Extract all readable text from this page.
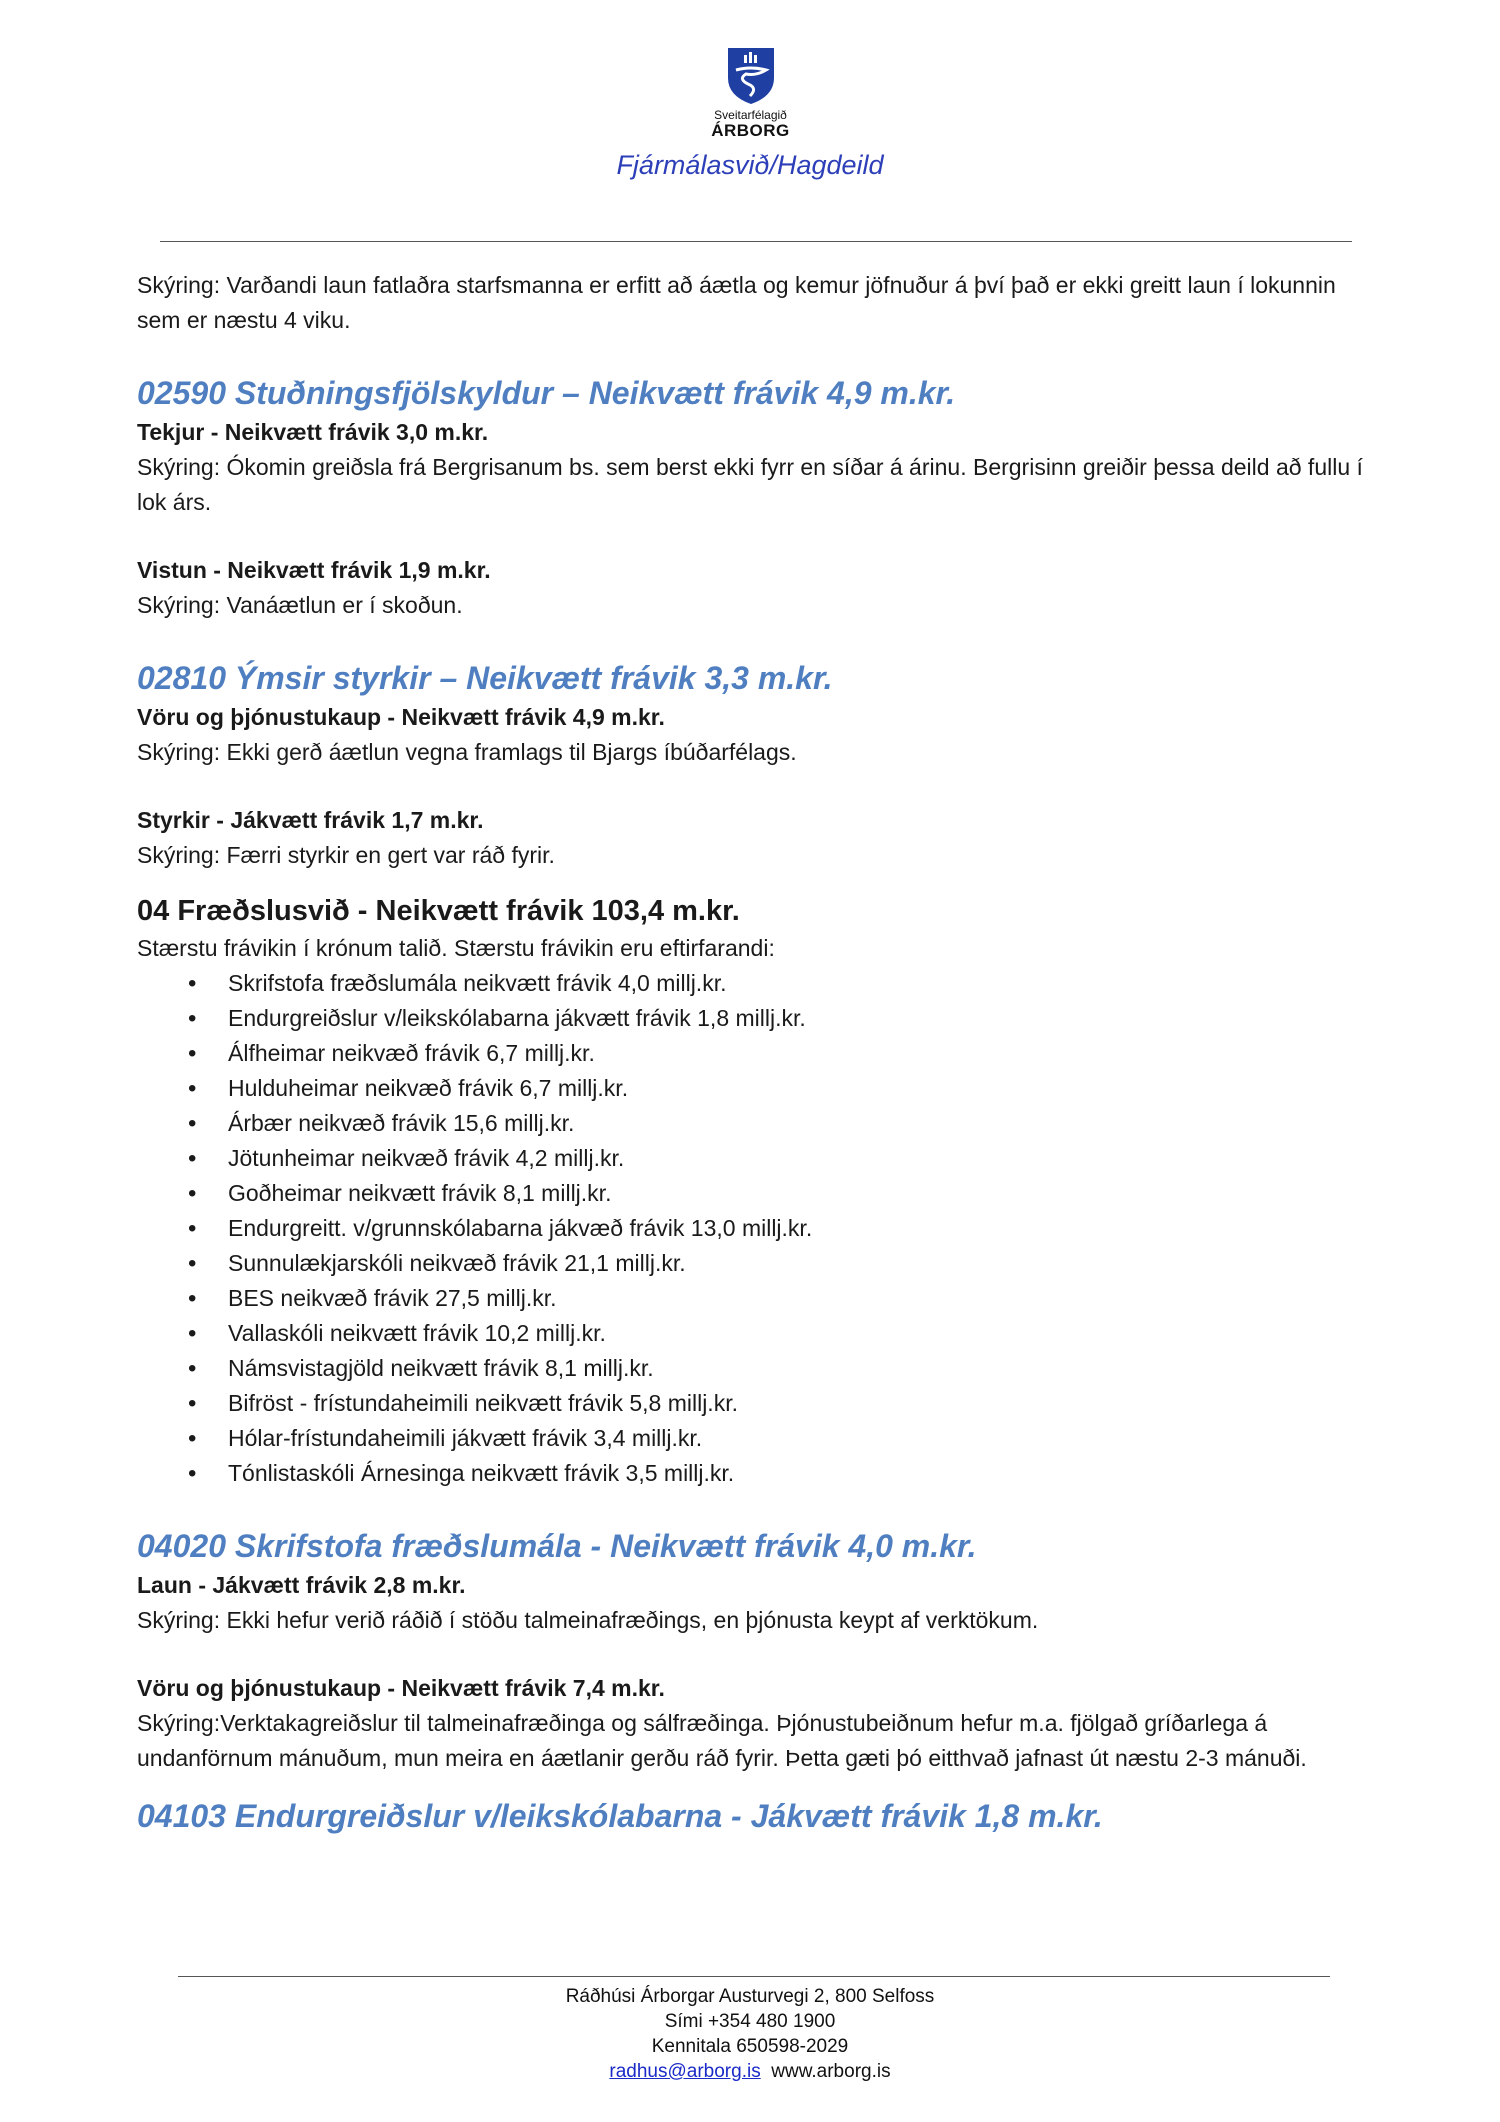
Sveitarfélagið
ÁRBORG
Fjármálasvið/Hagdeild

Skýring: Varðandi laun fatlaðra starfsmanna er erfitt að áætla og kemur jöfnuður á því það er ekki greitt laun í lokunnin sem er næstu 4 viku.

02590 Stuðningsfjölskyldur – Neikvætt frávik 4,9 m.kr.

Tekjur - Neikvætt frávik 3,0 m.kr.

Skýring: Ókomin greiðsla frá Bergrisanum bs. sem berst ekki fyrr en síðar á árinu. Bergrisinn greiðir þessa deild að fullu í lok árs.

Vistun - Neikvætt frávik 1,9 m.kr.

Skýring: Vanáætlun er í skoðun.

02810 Ýmsir styrkir – Neikvætt frávik 3,3 m.kr.

Vöru og þjónustukaup - Neikvætt frávik 4,9 m.kr.

Skýring: Ekki gerð áætlun vegna framlags til Bjargs íbúðarfélags.

Styrkir - Jákvætt frávik 1,7 m.kr.

Skýring: Færri styrkir en gert var ráð fyrir.

04 Fræðslusvið - Neikvætt frávik 103,4 m.kr.

Stærstu frávikin í krónum talið. Stærstu frávikin eru eftirfarandi:

• Skrifstofa fræðslumála neikvætt frávik 4,0 millj.kr.
• Endurgreiðslur v/leikskólabarna jákvætt frávik 1,8 millj.kr.
• Álfheimar neikvæð frávik 6,7 millj.kr.
• Hulduheimar neikvæð frávik 6,7 millj.kr.
• Árbær neikvæð frávik 15,6 millj.kr.
• Jötunheimar neikvæð frávik 4,2 millj.kr.
• Goðheimar neikvætt frávik 8,1 millj.kr.
• Endurgreitt. v/grunnskólabarna jákvæð frávik 13,0 millj.kr.
• Sunnulækjarskóli neikvæð frávik 21,1 millj.kr.
• BES neikvæð frávik 27,5 millj.kr.
• Vallaskóli neikvætt frávik 10,2 millj.kr.
• Námsvistagjöld neikvætt frávik 8,1 millj.kr.
• Bifröst - frístundaheimili neikvætt frávik 5,8 millj.kr.
• Hólar-frístundaheimili jákvætt frávik 3,4 millj.kr.
• Tónlistaskóli Árnesinga neikvætt frávik 3,5 millj.kr.
04020 Skrifstofa fræðslumála - Neikvætt frávik 4,0 m.kr.

Laun - Jákvætt frávik 2,8 m.kr.

Skýring: Ekki hefur verið ráðið í stöðu talmeinafræðings, en þjónusta keypt af verktökum.

Vöru og þjónustukaup - Neikvætt frávik 7,4 m.kr.

Skýring:Verktakagreiðslur til talmeinafræðinga og sálfræðinga. Þjónustubeiðnum hefur m.a. fjölgað gríðarlega á undanförnum mánuðum, mun meira en áætlanir gerðu ráð fyrir. Þetta gæti þó eitthvað jafnast út næstu 2-3 mánuði.

04103 Endurgreiðslur v/leikskólabarna - Jákvætt frávik 1,8 m.kr.
Ráðhúsi Árborgar Austurvegi 2, 800 Selfoss
Sími +354 480 1900
Kennitala 650598-2029
radhus@arborg.is www.arborg.is
